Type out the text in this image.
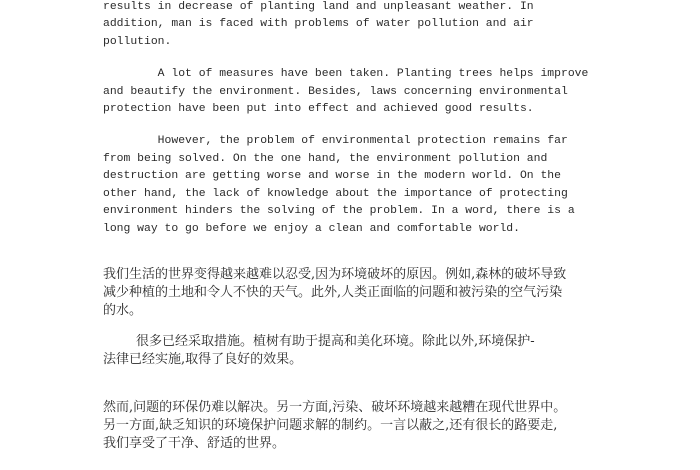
results in decrease of planting land and unpleasant weather. In
addition, man is faced with problems of water pollution and air
pollution.
A lot of measures have been taken. Planting trees helps improve
and beautify the environment. Besides, laws concerning environmental
protection have been put into effect and achieved good results.
However, the problem of environmental protection remains far
from being solved. On the one hand, the environment pollution and
destruction are getting worse and worse in the modern world. On the
other hand, the lack of knowledge about the importance of protecting
environment hinders the solving of the problem. In a word, there is a
long way to go before we enjoy a clean and comfortable world.
我们生活的世界变得越来越难以忍受,因为环境破坏的原因。例如,森林的破坏导致
减少种植的土地和令人不快的天气。此外,人类正面临的问题和被污染的空气污染
的水。
很多已经采取措施。植树有助于提高和美化环境。除此以外,环境保护-
法律已经实施,取得了良好的效果。
然而,问题的环保仍难以解决。另一方面,污染、破坏环境越来越糟在现代世界中。
另一方面,缺乏知识的环境保护问题求解的制约。一言以蔽之,还有很长的路要走,
我们享受了干净、舒适的世界。
